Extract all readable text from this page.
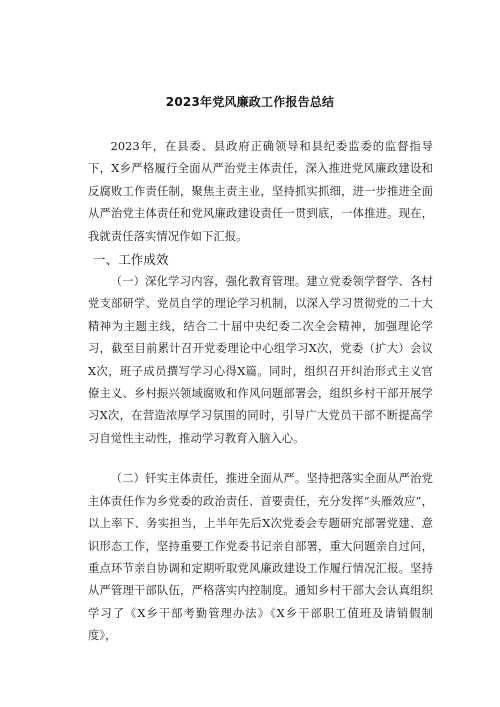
2023年党风廉政工作报告总结

2023年，在县委、县政府正确领导和县纪委监委的监督指导下，X乡严格履行全面从严治党主体责任，深入推进党风廉政建设和反腐败工作责任制，聚焦主责主业，坚持抓实抓细，进一步推进全面从严治党主体责任和党风廉政建设责任一贯到底，一体推进。现在，我就责任落实情况作如下汇报。

一、工作成效

（一）深化学习内容，强化教育管理。建立党委领学督学、各村党支部研学、党员自学的理论学习机制，以深入学习贯彻党的二十大精神为主题主线，结合二十届中央纪委二次全会精神，加强理论学习，截至目前累计召开党委理论中心组学习X次，党委（扩大）会议X次，班子成员撰写学习心得X篇。同时，组织召开纠治形式主义官僚主义、乡村振兴领域腐败和作风问题部署会，组织乡村干部开展学习X次，在营造浓厚学习氛围的同时，引导广大党员干部不断提高学习自觉性主动性，推动学习教育入脑入心。

（二）钎实主体责任，推进全面从严。坚持把落实全面从严治党主体责任作为乡党委的政治责任、首要责任，充分发挥“头雁效应”，以上率下、务实担当，上半年先后X次党委会专题研究部署党建、意识形态工作，坚持重要工作党委书记亲自部署，重大问题亲自过问，重点环节亲自协调和定期听取党风廉政建设工作履行情况汇报。坚持从严管理干部队伍，严格落实内控制度。通知乡村干部大会认真组织学习了《X乡干部考勤管理办法》《X乡干部职工值班及请销假制度》，
